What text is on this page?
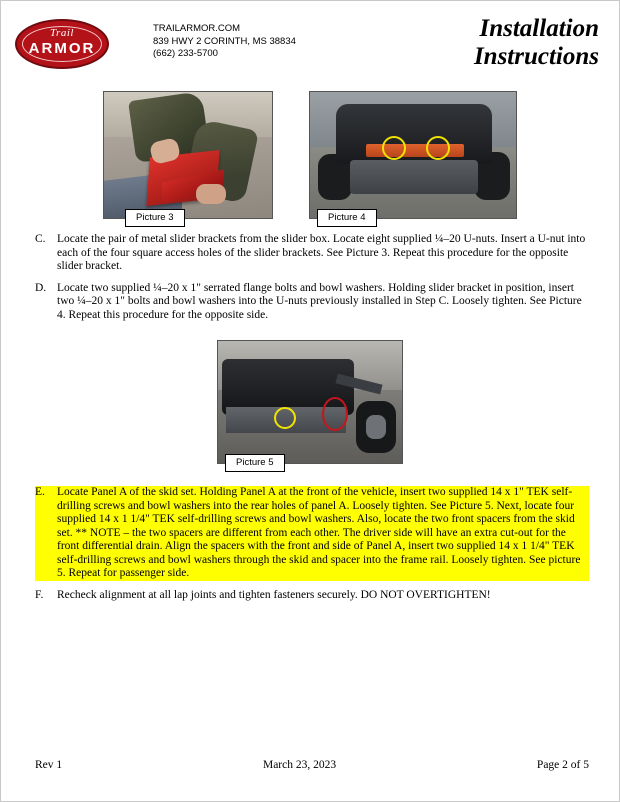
Trail
ARMOR
TRAILARMOR.COM
839 HWY 2 CORINTH, MS 38834
(662) 233-5700
Installation
Instructions
Picture 3	Picture 4
C. Locate the pair of metal slider brackets from the slider box. Locate eight supplied ¼–20 U-nuts. Insert a U-nut into each of the four square access holes of the slider brackets. See Picture 3. Repeat this procedure for the opposite slider bracket.
D. Locate two supplied ¼–20 x 1" serrated flange bolts and bowl washers. Holding slider bracket in position, insert two ¼–20 x 1" bolts and bowl washers into the U-nuts previously installed in Step C. Loosely tighten. See Picture 4. Repeat this procedure for the opposite side.
Picture 5
E.	Locate Panel A of the skid set. Holding Panel A at the front of the vehicle, insert two supplied 14 x 1" TEK self-drilling screws and bowl washers into the rear holes of panel A. Loosely tighten. See Picture 5. Next, locate four supplied 14 x 1 1/4" TEK self-drilling screws and bowl washers. Also, locate the two front spacers from the skid set. ** NOTE – the two spacers are different from each other. The driver side will have an extra cut-out for the front differential drain. Align the spacers with the front and side of Panel A, insert two supplied 14 x 1 1/4" TEK self-drilling screws and bowl washers through the skid and spacer into the frame rail. Loosely tighten. See picture 5. Repeat for passenger side.
F.	Recheck alignment at all lap joints and tighten fasteners securely. DO NOT OVERTIGHTEN!
Rev 1	March 23, 2023	Page 2 of 5
